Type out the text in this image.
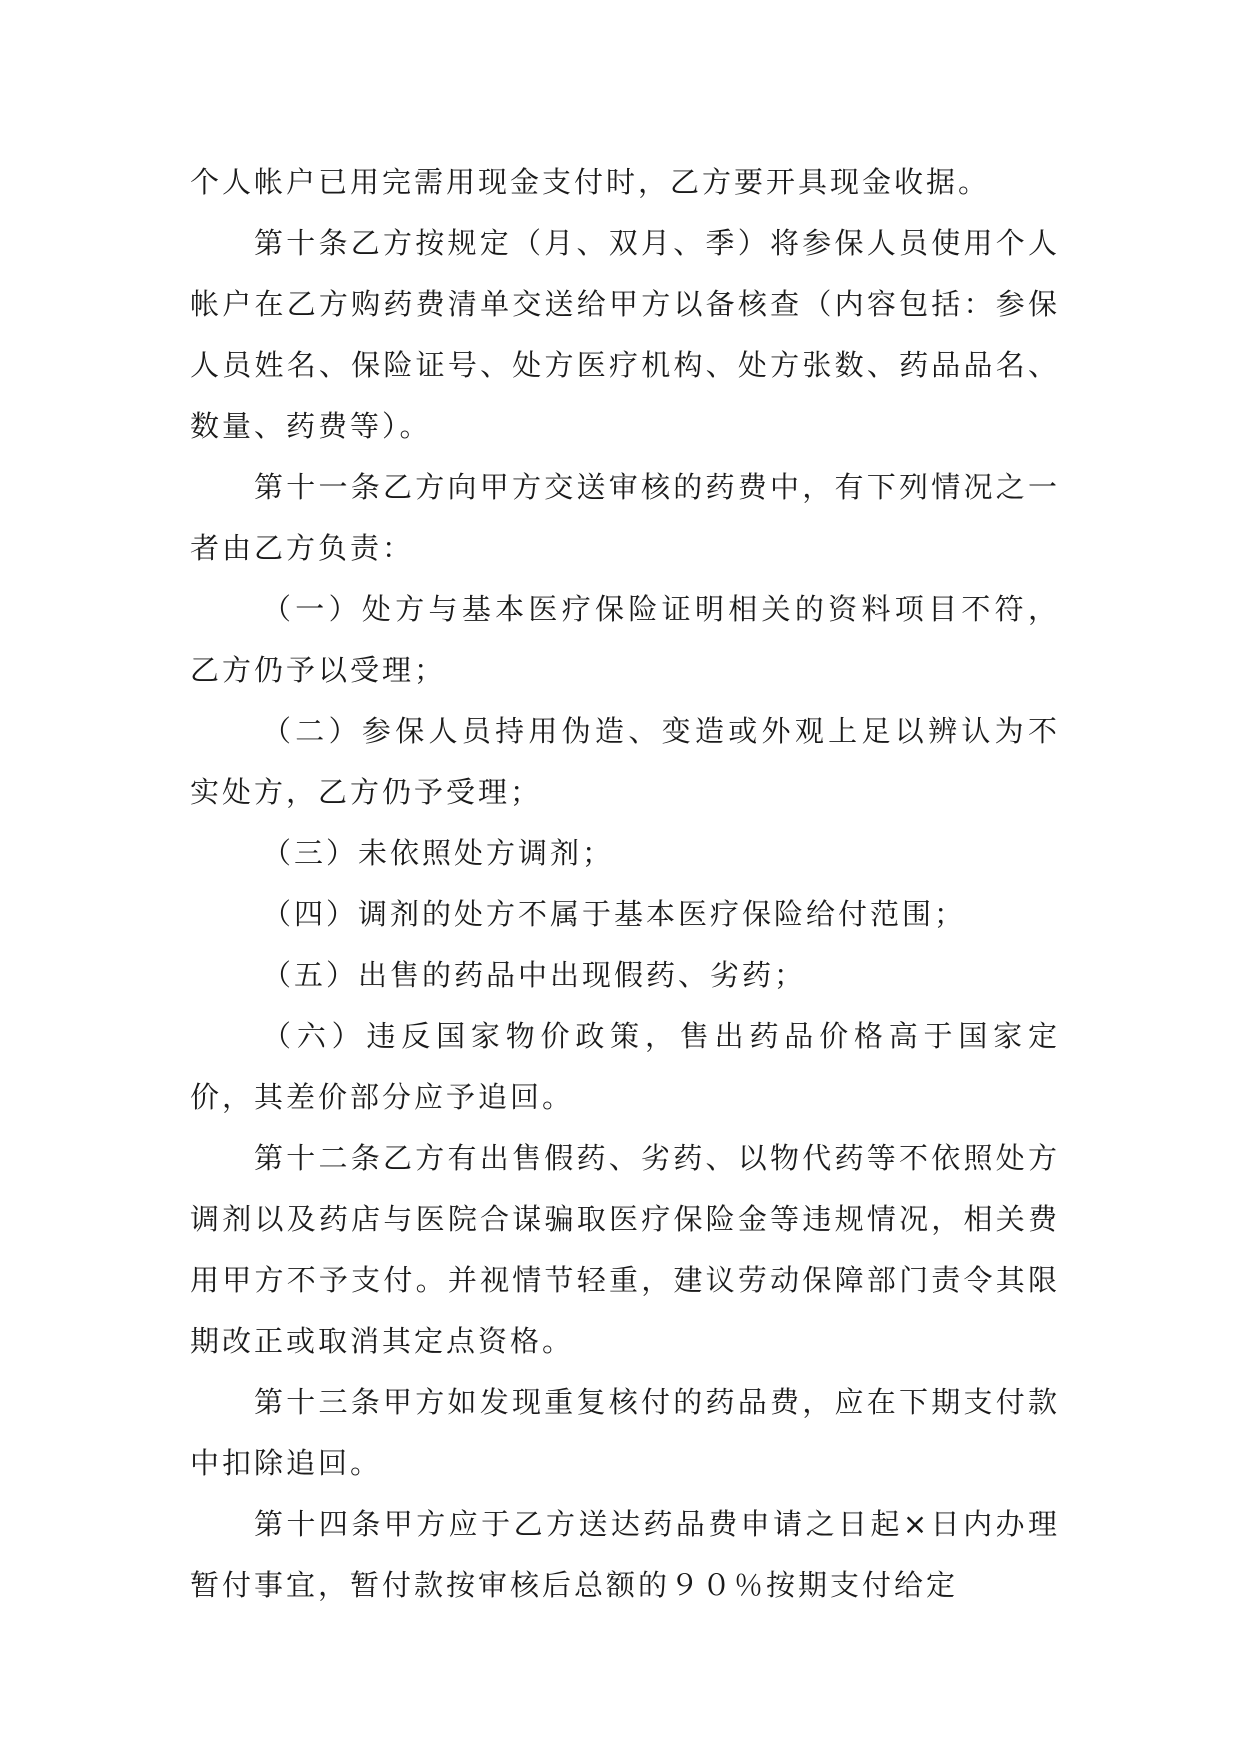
个人帐户已用完需用现金支付时，乙方要开具现金收据。

第十条乙方按规定（月、双月、季）将参保人员使用个人帐户在乙方购药费清单交送给甲方以备核查（内容包括：参保人员姓名、保险证号、处方医疗机构、处方张数、药品品名、数量、药费等）。

第十一条乙方向甲方交送审核的药费中，有下列情况之一者由乙方负责：

（一）处方与基本医疗保险证明相关的资料项目不符，乙方仍予以受理；

（二）参保人员持用伪造、变造或外观上足以辨认为不实处方，乙方仍予受理；

（三）未依照处方调剂；

（四）调剂的处方不属于基本医疗保险给付范围；

（五）出售的药品中出现假药、劣药；

（六）违反国家物价政策，售出药品价格高于国家定价，其差价部分应予追回。

第十二条乙方有出售假药、劣药、以物代药等不依照处方调剂以及药店与医院合谋骗取医疗保险金等违规情况，相关费用甲方不予支付。并视情节轻重，建议劳动保障部门责令其限期改正或取消其定点资格。

第十三条甲方如发现重复核付的药品费，应在下期支付款中扣除追回。

第十四条甲方应于乙方送达药品费申请之日起×日内办理暂付事宜，暂付款按审核后总额的９０％按期支付给定
